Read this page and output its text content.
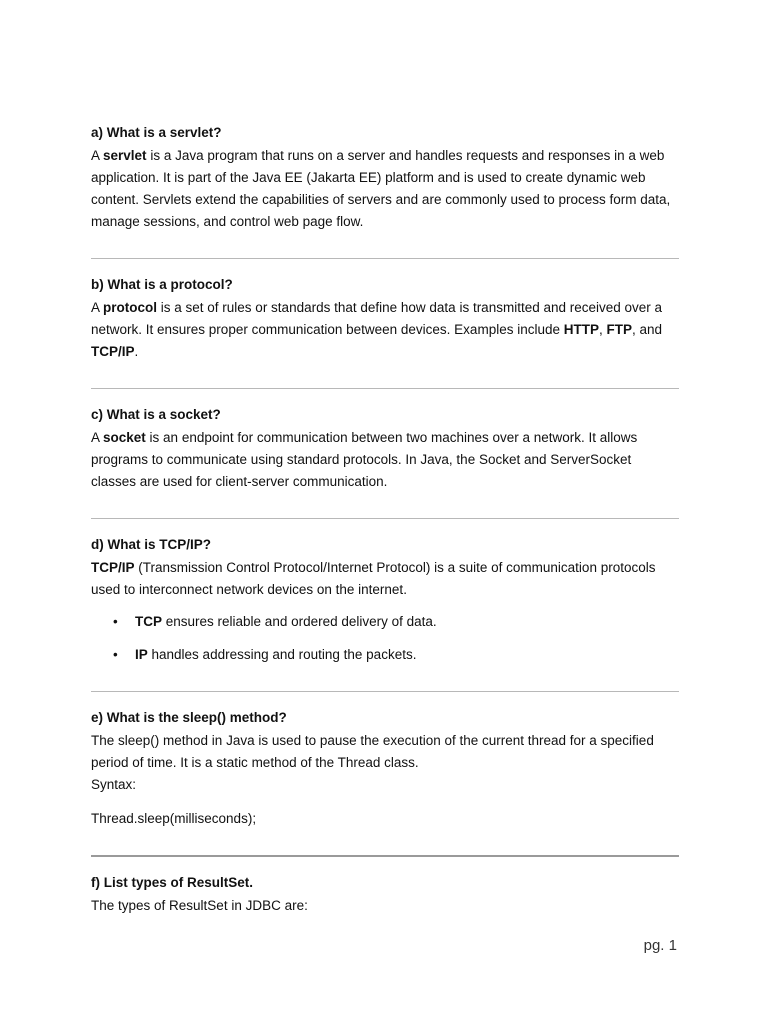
a) What is a servlet?

A servlet is a Java program that runs on a server and handles requests and responses in a web application. It is part of the Java EE (Jakarta EE) platform and is used to create dynamic web content. Servlets extend the capabilities of servers and are commonly used to process form data, manage sessions, and control web page flow.

b) What is a protocol?

A protocol is a set of rules or standards that define how data is transmitted and received over a network. It ensures proper communication between devices. Examples include HTTP, FTP, and TCP/IP.

c) What is a socket?

A socket is an endpoint for communication between two machines over a network. It allows programs to communicate using standard protocols. In Java, the Socket and ServerSocket classes are used for client-server communication.

d) What is TCP/IP?

TCP/IP (Transmission Control Protocol/Internet Protocol) is a suite of communication protocols used to interconnect network devices on the internet.

• TCP ensures reliable and ordered delivery of data.
• IP handles addressing and routing the packets.

e) What is the sleep() method?

The sleep() method in Java is used to pause the execution of the current thread for a specified period of time. It is a static method of the Thread class.

Syntax:

Thread.sleep(milliseconds);

f) List types of ResultSet.

The types of ResultSet in JDBC are:

pg. 1
